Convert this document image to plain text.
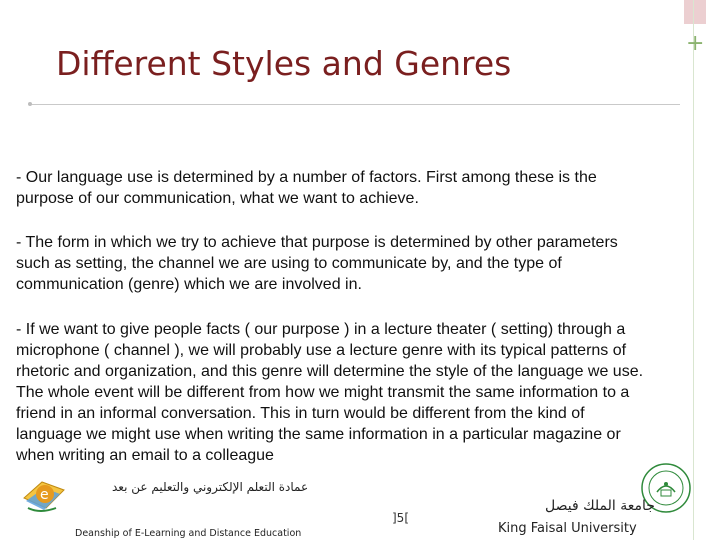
+
Different Styles and Genres
- Our language use is determined by a number of factors. First among these is the purpose of our communication, what we want to achieve.
- The form in which we try to achieve that purpose is determined by other parameters such as setting, the channel we are using to communicate by, and the type of communication (genre) which we are involved in.
- If we want to give people facts ( our purpose ) in a lecture theater ( setting) through a microphone ( channel ), we will probably use a lecture genre with its typical patterns of rhetoric and organization, and this genre will determine the style of the language we use. The whole event will be different from how we might transmit the same information to a friend in an informal conversation. This in turn would be different from the kind of language we might use when writing the same information in a particular magazine or when writing an email to a colleague
e	عمادة التعلم الإلكتروني والتعليم عن بعد
Deanship of E-Learning and Distance Education
]5[
جامعة الملك فيصل
King Faisal University
